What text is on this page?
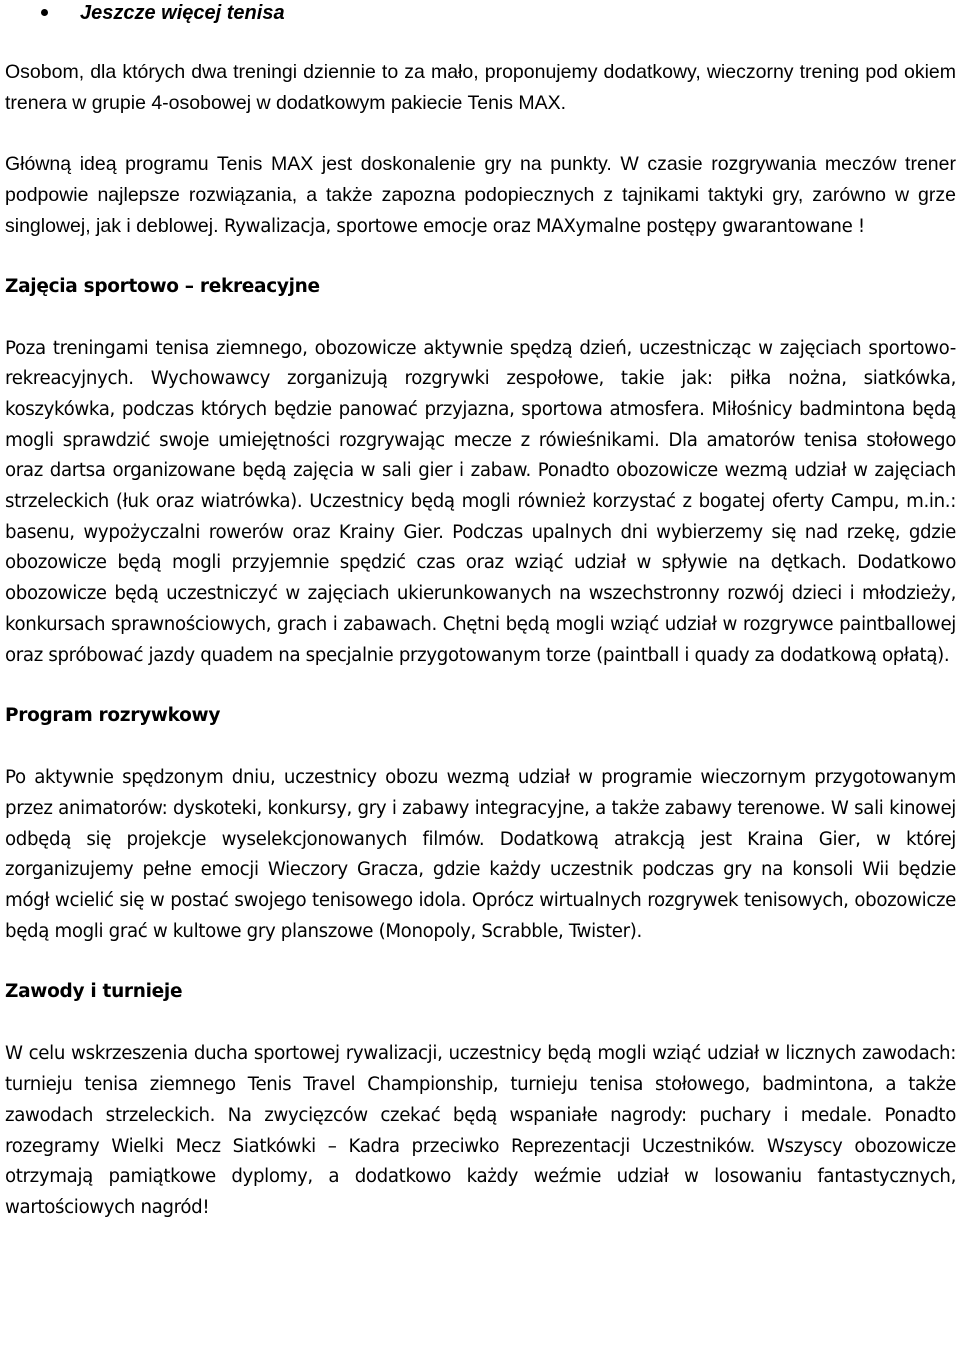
Jeszcze więcej tenisa

Osobom, dla których dwa treningi dziennie to za mało, proponujemy dodatkowy, wieczorny trening pod okiem trenera w grupie 4-osobowej w dodatkowym pakiecie Tenis MAX.

Główną ideą programu Tenis MAX jest doskonalenie gry na punkty. W czasie rozgrywania meczów trener podpowie najlepsze rozwiązania, a także zapozna podopiecznych z tajnikami taktyki gry, zarówno w grze singlowej, jak i deblowej. Rywalizacja, sportowe emocje oraz MAXymalne postępy gwarantowane !

Zajęcia sportowo – rekreacyjne

Poza treningami tenisa ziemnego, obozowicze aktywnie spędzą dzień, uczestnicząc w zajęciach sportowo-rekreacyjnych. Wychowawcy zorganizują rozgrywki zespołowe, takie jak: piłka nożna, siatkówka, koszykówka, podczas których będzie panować przyjazna, sportowa atmosfera. Miłośnicy badmintona będą mogli sprawdzić swoje umiejętności rozgrywając mecze z rówieśnikami. Dla amatorów tenisa stołowego oraz dartsa organizowane będą zajęcia w sali gier i zabaw. Ponadto obozowicze wezmą udział w zajęciach strzeleckich (łuk oraz wiatrówka). Uczestnicy będą mogli również korzystać z bogatej oferty Campu, m.in.: basenu, wypożyczalni rowerów oraz Krainy Gier. Podczas upalnych dni wybierzemy się nad rzekę, gdzie obozowicze będą mogli przyjemnie spędzić czas oraz wziąć udział w spływie na dętkach. Dodatkowo obozowicze będą uczestniczyć w zajęciach ukierunkowanych na wszechstronny rozwój dzieci i młodzieży, konkursach sprawnościowych, grach i zabawach. Chętni będą mogli wziąć udział w rozgrywce paintballowej oraz spróbować jazdy quadem na specjalnie przygotowanym torze (paintball i quady za dodatkową opłatą).

Program rozrywkowy

Po aktywnie spędzonym dniu, uczestnicy obozu wezmą udział w programie wieczornym przygotowanym przez animatorów: dyskoteki, konkursy, gry i zabawy integracyjne, a także zabawy terenowe. W sali kinowej odbędą się projekcje wyselekcjonowanych filmów. Dodatkową atrakcją jest Kraina Gier, w której zorganizujemy pełne emocji Wieczory Gracza, gdzie każdy uczestnik podczas gry na konsoli Wii będzie mógł wcielić się w postać swojego tenisowego idola. Oprócz wirtualnych rozgrywek tenisowych, obozowicze będą mogli grać w kultowe gry planszowe (Monopoly, Scrabble, Twister).

Zawody i turnieje

W celu wskrzeszenia ducha sportowej rywalizacji, uczestnicy będą mogli wziąć udział w licznych zawodach: turnieju tenisa ziemnego Tenis Travel Championship, turnieju tenisa stołowego, badmintona, a także zawodach strzeleckich. Na zwycięzców czekać będą wspaniałe nagrody: puchary i medale. Ponadto rozegramy Wielki Mecz Siatkówki – Kadra przeciwko Reprezentacji Uczestników. Wszyscy obozowicze otrzymają pamiątkowe dyplomy, a dodatkowo każdy weźmie udział w losowaniu fantastycznych, wartościowych nagród!
